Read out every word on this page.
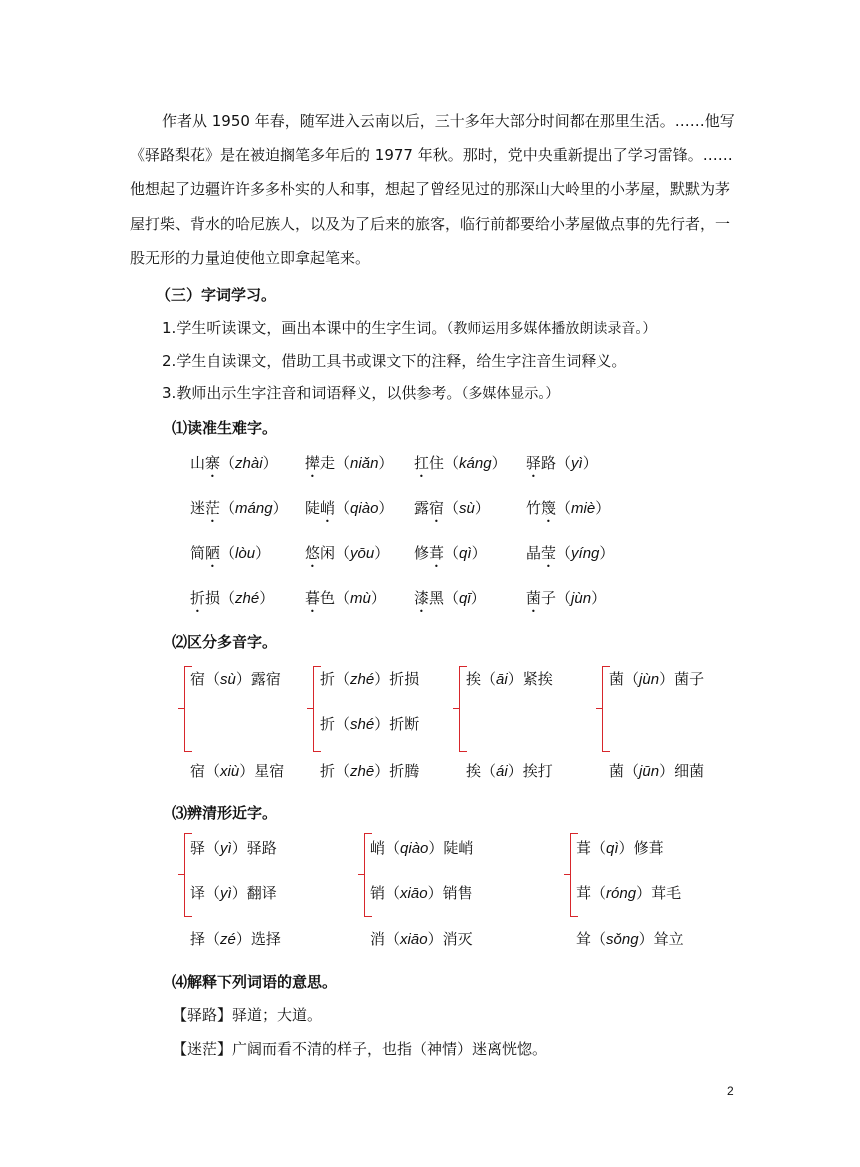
作者从 1950 年春，随军进入云南以后，三十多年大部分时间都在那里生活。……他写
《驿路梨花》是在被迫搁笔多年后的 1977 年秋。那时，党中央重新提出了学习雷锋。……
他想起了边疆许许多多朴实的人和事，想起了曾经见过的那深山大岭里的小茅屋，默默为茅
屋打柴、背水的哈尼族人，以及为了后来的旅客，临行前都要给小茅屋做点事的先行者，一
股无形的力量迫使他立即拿起笔来。
（三）字词学习。
1.学生听读课文，画出本课中的生字生词。（教师运用多媒体播放朗读录音。）
2.学生自读课文，借助工具书或课文下的注释，给生字注音生词释义。
3.教师出示生字注音和词语释义，以供参考。（多媒体显示。）
⑴读准生难字。
山寨（zhài） 撵走（niǎn） 扛住（káng） 驿路（yì）
迷茫（máng） 陡峭（qiào） 露宿（sù） 竹篾（miè）
简陋（lòu） 悠闲（yōu） 修葺（qì）	晶莹（yíng）
折损（zhé） 暮色（mù） 漆黑（qī）	菌子（jùn）
⑵区分多音字。
宿（sù）露宿
宿（xiù）星宿
折（zhé）折损
折（shé）折断
折（zhē）折腾
挨（āi）紧挨
挨（ái）挨打
菌（jùn）菌子
菌（jūn）细菌
⑶辨清形近字。
驿（yì）驿路
译（yì）翻译
择（zé）选择
峭（qiào）陡峭
销（xiāo）销售
消（xiāo）消灭
葺（qì）修葺
茸（róng）茸毛
耸（sǒng）耸立
⑷解释下列词语的意思。
【驿路】驿道；大道。
【迷茫】广阔而看不清的样子，也指（神情）迷离恍惚。
2
